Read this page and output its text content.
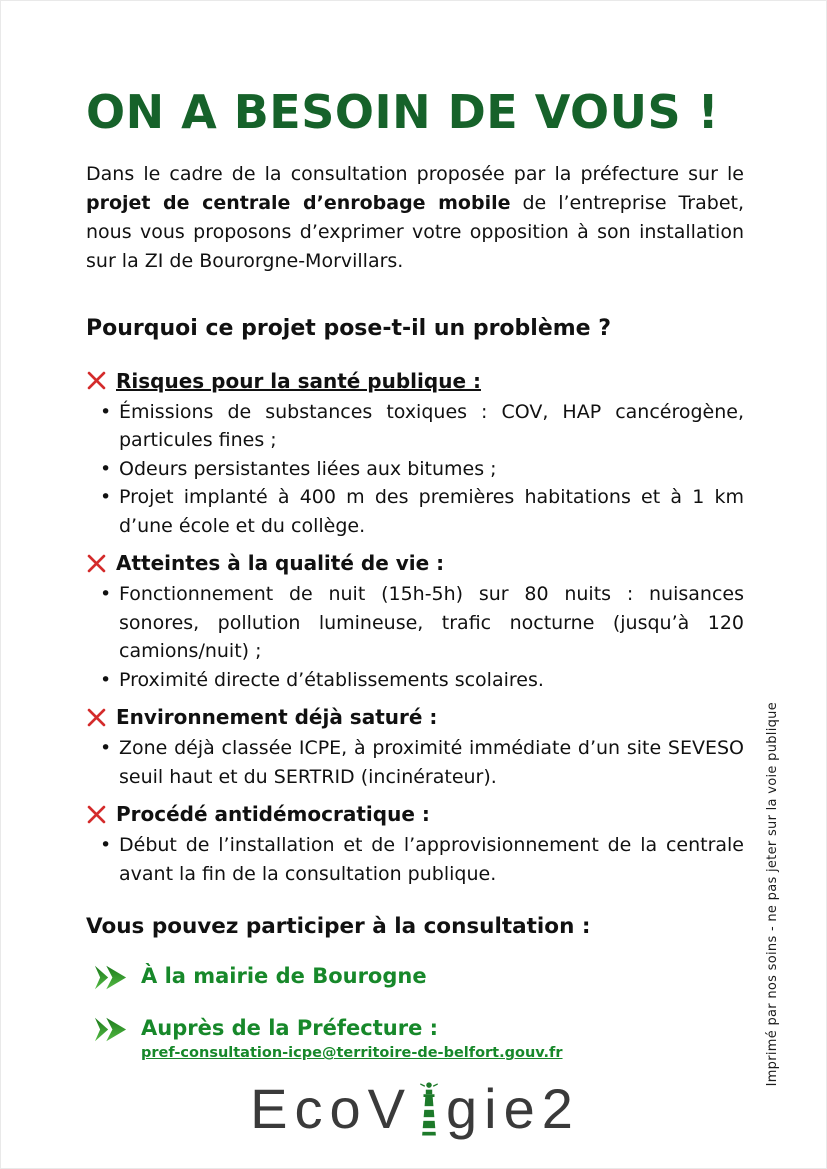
ON A BESOIN DE VOUS !

Dans le cadre de la consultation proposée par la préfecture sur le projet de centrale d’enrobage mobile de l’entreprise Trabet, nous vous proposons d’exprimer votre opposition à son installation sur la ZI de Bourorgne-Morvillars.

Pourquoi ce projet pose-t-il un problème ?
Risques pour la santé publique :
• Émissions de substances toxiques : COV, HAP cancérogène, particules fines ;
• Odeurs persistantes liées aux bitumes ;
• Projet implanté à 400 m des premières habitations et à 1 km d’une école et du collège.
Atteintes à la qualité de vie :
• Fonctionnement de nuit (15h-5h) sur 80 nuits : nuisances sonores, pollution lumineuse, trafic nocturne (jusqu’à 120 camions/nuit) ;
• Proximité directe d’établissements scolaires.
Environnement déjà saturé :
• Zone déjà classée ICPE, à proximité immédiate d’un site SEVESO seuil haut et du SERTRID (incinérateur).
Procédé antidémocratique :
• Début de l’installation et de l’approvisionnement de la centrale avant la fin de la consultation publique.
Vous pouvez participer à la consultation :
À la mairie de Bourogne
Auprès de la Préfecture :
pref-consultation-icpe@territoire-de-belfort.gouv.fr
EcoV gie2
Imprimé par nos soins - ne pas jeter sur la voie publique
